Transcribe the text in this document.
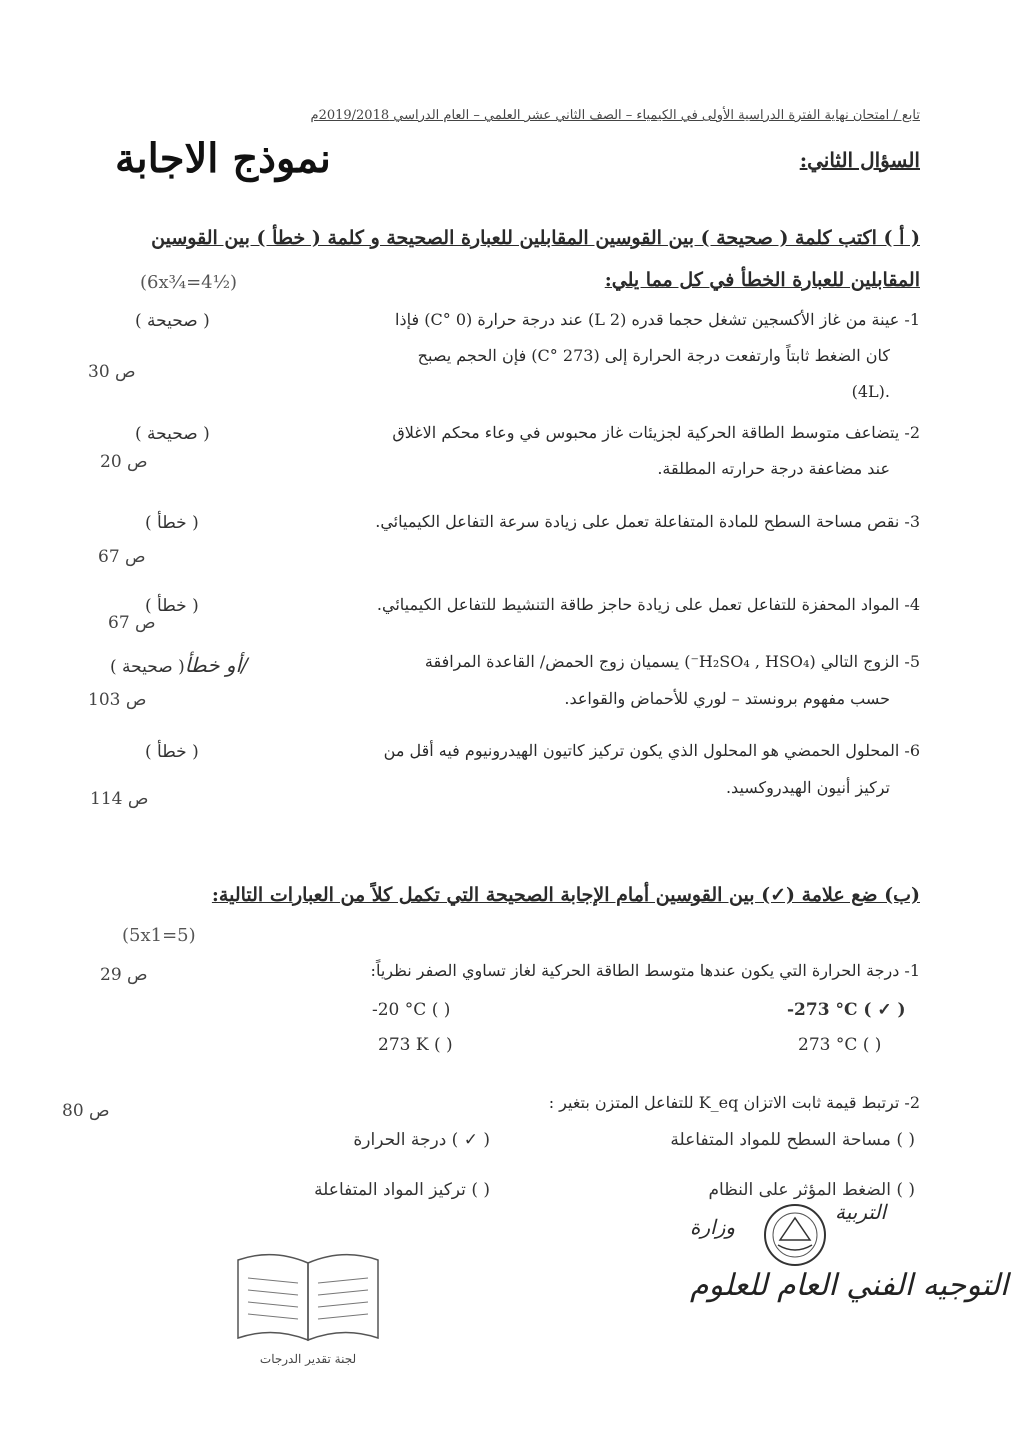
تابع / امتحان نهاية الفترة الدراسية الأولى في الكيمياء – الصف الثاني عشر العلمي – العام الدراسي 2019/2018م
نموذج الاجابة	السؤال الثاني:
( أ ) اكتب كلمة ( صحيحة ) بين القوسين المقابلين للعبارة الصحيحة و كلمة ( خطأ ) بين القوسين
المقابلين للعبارة الخطأ في كل مما يلي:
(6x¾=4½)
1- عينة من غاز الأكسجين تشغل حجما قدره (2 L) عند درجة حرارة (0 °C) فإذا
كان الضغط ثابتاً وارتفعت درجة الحرارة إلى (273 °C) فإن الحجم يصبح
(4L).
( صحيحة )
ص 30
2- يتضاعف متوسط الطاقة الحركية لجزيئات غاز محبوس في وعاء محكم الاغلاق
عند مضاعفة درجة حرارته المطلقة.
( صحيحة )
ص 20
3- نقص مساحة السطح للمادة المتفاعلة تعمل على زيادة سرعة التفاعل الكيميائي.
( خطأ )
ص 67
4- المواد المحفزة للتفاعل تعمل على زيادة حاجز طاقة التنشيط للتفاعل الكيميائي.
( خطأ )
ص 67
5- الزوج التالي (H₂SO₄ , HSO₄⁻) يسميان زوج الحمض/ القاعدة المرافقة
حسب مفهوم برونستد – لوري للأحماض والقواعد.
/أو خطأ( صحيحة )
ص 103
6- المحلول الحمضي هو المحلول الذي يكون تركيز كاتيون الهيدرونيوم فيه أقل من
تركيز أنيون الهيدروكسيد.
( خطأ )
ص 114
(ب) ضع علامة (✓) بين القوسين أمام الإجابة الصحيحة التي تكمل كلاً من العبارات التالية:
(5x1=5)
1- درجة الحرارة التي يكون عندها متوسط الطاقة الحركية لغاز تساوي الصفر نظرياً:
ص 29
-273 °C ( ✓ )
-20 °C ( )
273 °C ( )
273 K ( )
2- ترتبط قيمة ثابت الاتزان K_eq للتفاعل المتزن بتغير :
ص 80
( ) مساحة السطح للمواد المتفاعلة
( ✓ ) درجة الحرارة
( ) الضغط المؤثر على النظام
( ) تركيز المواد المتفاعلة
وزارة
التربية
التوجيه الفني العام للعلوم
لجنة تقدير الدرجات
